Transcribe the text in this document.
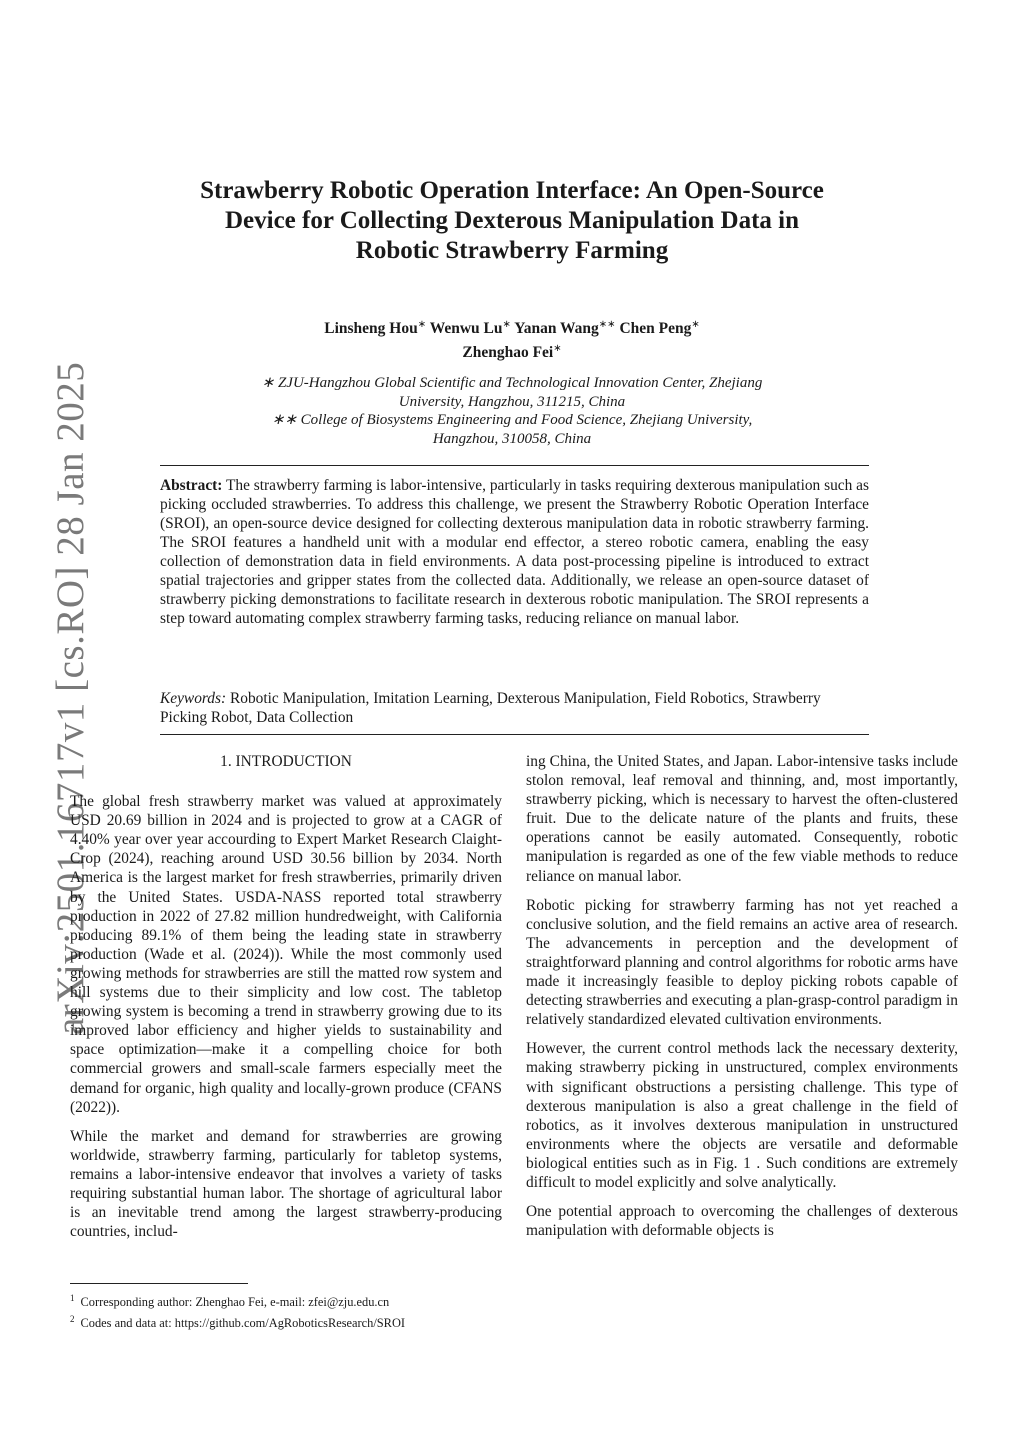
arXiv:2501.16717v1 [cs.RO] 28 Jan 2025
Strawberry Robotic Operation Interface: An Open-Source Device for Collecting Dexterous Manipulation Data in Robotic Strawberry Farming
Linsheng Hou∗ Wenwu Lu∗ Yanan Wang∗∗ Chen Peng∗
Zhenghao Fei∗

∗ ZJU-Hangzhou Global Scientific and Technological Innovation Center, Zhejiang University, Hangzhou, 311215, China

∗∗ College of Biosystems Engineering and Food Science, Zhejiang University, Hangzhou, 310058, China

Abstract: The strawberry farming is labor-intensive, particularly in tasks requiring dexterous manipulation such as picking occluded strawberries. To address this challenge, we present the Strawberry Robotic Operation Interface (SROI), an open-source device designed for collecting dexterous manipulation data in robotic strawberry farming. The SROI features a handheld unit with a modular end effector, a stereo robotic camera, enabling the easy collection of demonstration data in field environments. A data post-processing pipeline is introduced to extract spatial trajectories and gripper states from the collected data. Additionally, we release an open-source dataset of strawberry picking demonstrations to facilitate research in dexterous robotic manipulation. The SROI represents a step toward automating complex strawberry farming tasks, reducing reliance on manual labor.
Keywords: Robotic Manipulation, Imitation Learning, Dexterous Manipulation, Field Robotics, Strawberry Picking Robot, Data Collection
1. INTRODUCTION

The global fresh strawberry market was valued at approximately USD 20.69 billion in 2024 and is projected to grow at a CAGR of 4.40% year over year accourding to Expert Market Research Claight-Crop (2024), reaching around USD 30.56 billion by 2034. North America is the largest market for fresh strawberries, primarily driven by the United States. USDA-NASS reported total strawberry production in 2022 of 27.82 million hundredweight, with California producing 89.1% of them being the leading state in strawberry production (Wade et al. (2024)). While the most commonly used growing methods for strawberries are still the matted row system and hill systems due to their simplicity and low cost. The tabletop growing system is becoming a trend in strawberry growing due to its improved labor efficiency and higher yields to sustainability and space optimization—make it a compelling choice for both commercial growers and small-scale farmers especially meet the demand for organic, high quality and locally-grown produce (CFANS (2022)).

While the market and demand for strawberries are growing worldwide, strawberry farming, particularly for tabletop systems, remains a labor-intensive endeavor that involves a variety of tasks requiring substantial human labor. The shortage of agricultural labor is an inevitable trend among the largest strawberry-producing countries, includ-

ing China, the United States, and Japan. Labor-intensive tasks include stolon removal, leaf removal and thinning, and, most importantly, strawberry picking, which is necessary to harvest the often-clustered fruit. Due to the delicate nature of the plants and fruits, these operations cannot be easily automated. Consequently, robotic manipulation is regarded as one of the few viable methods to reduce reliance on manual labor.

Robotic picking for strawberry farming has not yet reached a conclusive solution, and the field remains an active area of research. The advancements in perception and the development of straightforward planning and control algorithms for robotic arms have made it increasingly feasible to deploy picking robots capable of detecting strawberries and executing a plan-grasp-control paradigm in relatively standardized elevated cultivation environments.

However, the current control methods lack the necessary dexterity, making strawberry picking in unstructured, complex environments with significant obstructions a persisting challenge. This type of dexterous manipulation is also a great challenge in the field of robotics, as it involves dexterous manipulation in unstructured environments where the objects are versatile and deformable biological entities such as in Fig. 1 . Such conditions are extremely difficult to model explicitly and solve analytically.

One potential approach to overcoming the challenges of dexterous manipulation with deformable objects is

$^1$ Corresponding author: Zhenghao Fei, e-mail: zfei@zju.edu.cn
$^2$ Codes and data at: https://github.com/AgRoboticsResearch/SROI
